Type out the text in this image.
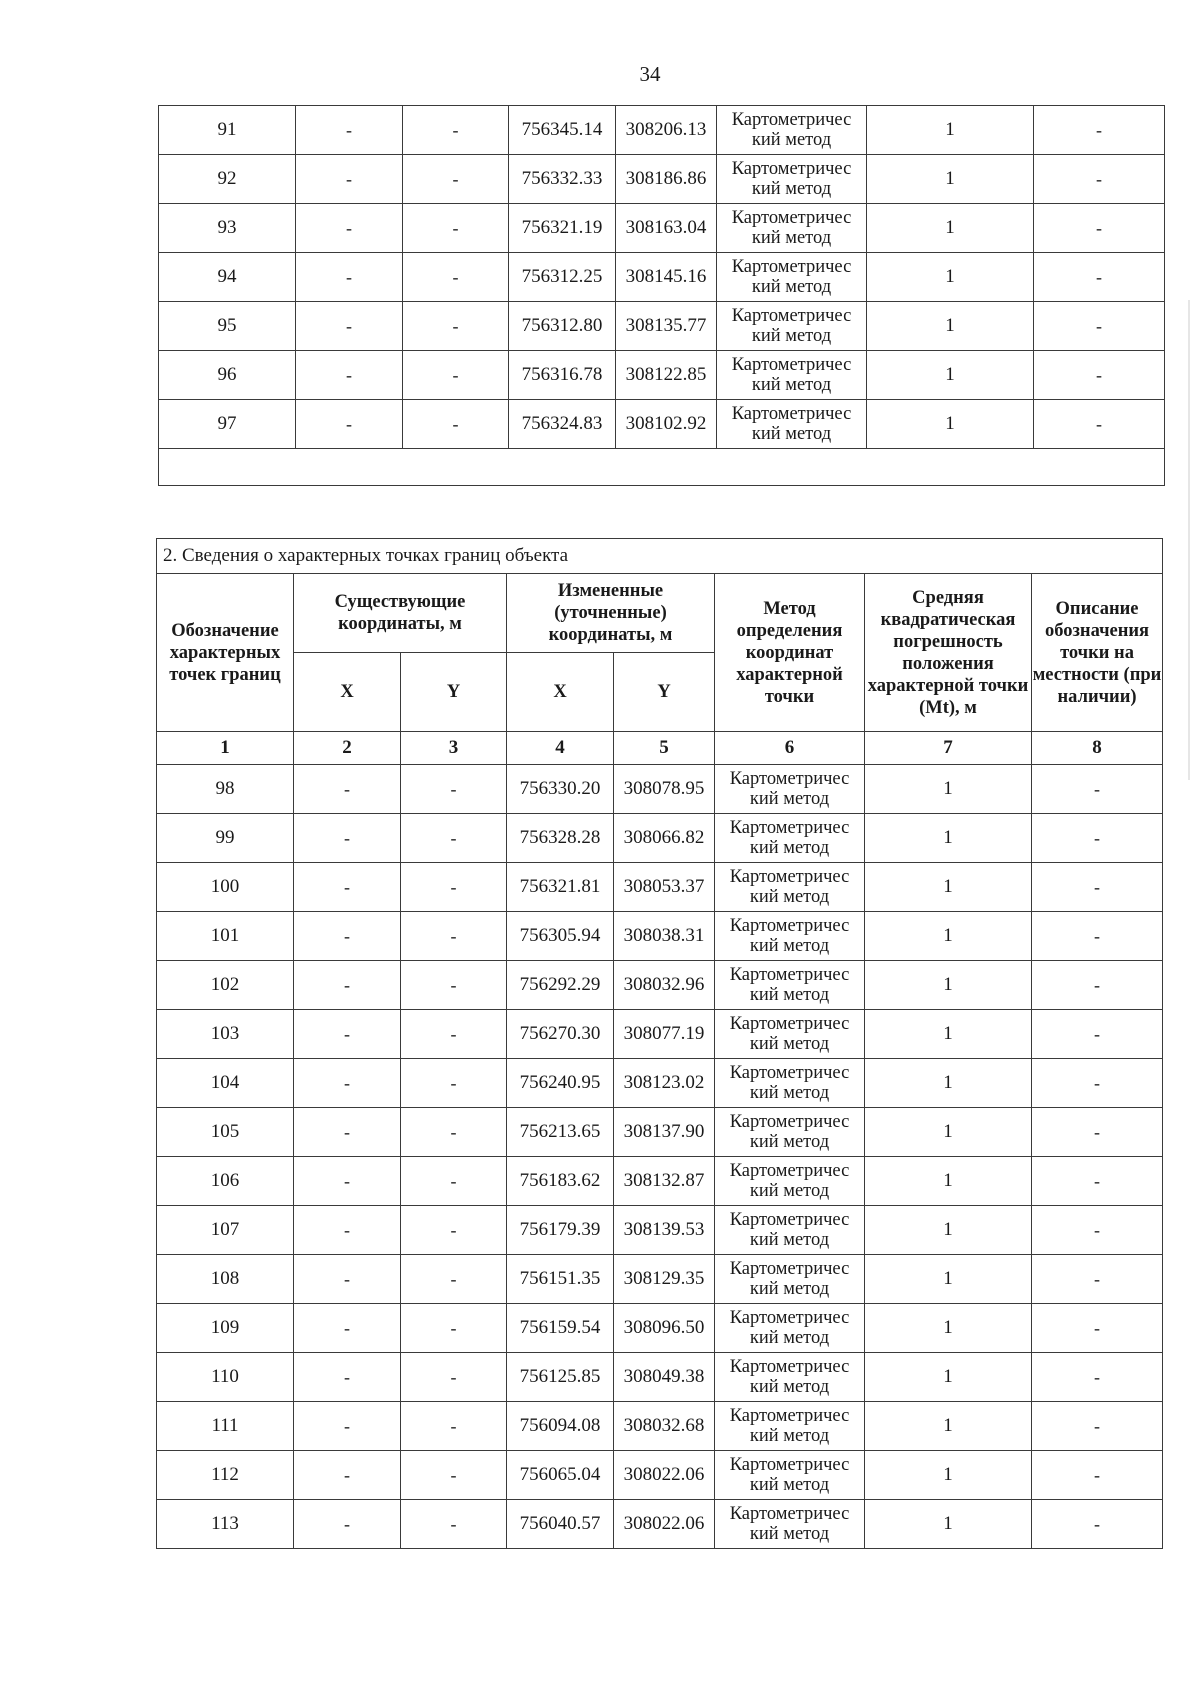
34
91	-	-	756345.14	308206.13	Картометричес кий метод	1	-
92	-	-	756332.33	308186.86	Картометричес кий метод	1	-
93	-	-	756321.19	308163.04	Картометричес кий метод	1	-
94	-	-	756312.25	308145.16	Картометричес кий метод	1	-
95	-	-	756312.80	308135.77	Картометричес кий метод	1	-
96	-	-	756316.78	308122.85	Картометричес кий метод	1	-
97	-	-	756324.83	308102.92	Картометричес кий метод	1	-

2. Сведения о характерных точках границ объекта							
Обозначение характерных точек границ	Существующие координаты, м		Измененные (уточненные) координаты, м		Метод определения координат характерной точки	Средняя квадратическая погрешность положения характерной точки (Mt), м	Описание обозначения точки на местности (при наличии)
	X	Y	X	Y			
1	2	3	4	5	6	7	8
98	-	-	756330.20	308078.95	Картометричес кий метод	1	-
99	-	-	756328.28	308066.82	Картометричес кий метод	1	-
100	-	-	756321.81	308053.37	Картометричес кий метод	1	-
101	-	-	756305.94	308038.31	Картометричес кий метод	1	-
102	-	-	756292.29	308032.96	Картометричес кий метод	1	-
103	-	-	756270.30	308077.19	Картометричес кий метод	1	-
104	-	-	756240.95	308123.02	Картометричес кий метод	1	-
105	-	-	756213.65	308137.90	Картометричес кий метод	1	-
106	-	-	756183.62	308132.87	Картометричес кий метод	1	-
107	-	-	756179.39	308139.53	Картометричес кий метод	1	-
108	-	-	756151.35	308129.35	Картометричес кий метод	1	-
109	-	-	756159.54	308096.50	Картометричес кий метод	1	-
110	-	-	756125.85	308049.38	Картометричес кий метод	1	-
111	-	-	756094.08	308032.68	Картометричес кий метод	1	-
112	-	-	756065.04	308022.06	Картометричес кий метод	1	-
113	-	-	756040.57	308022.06	Картометричес кий метод	1	-
